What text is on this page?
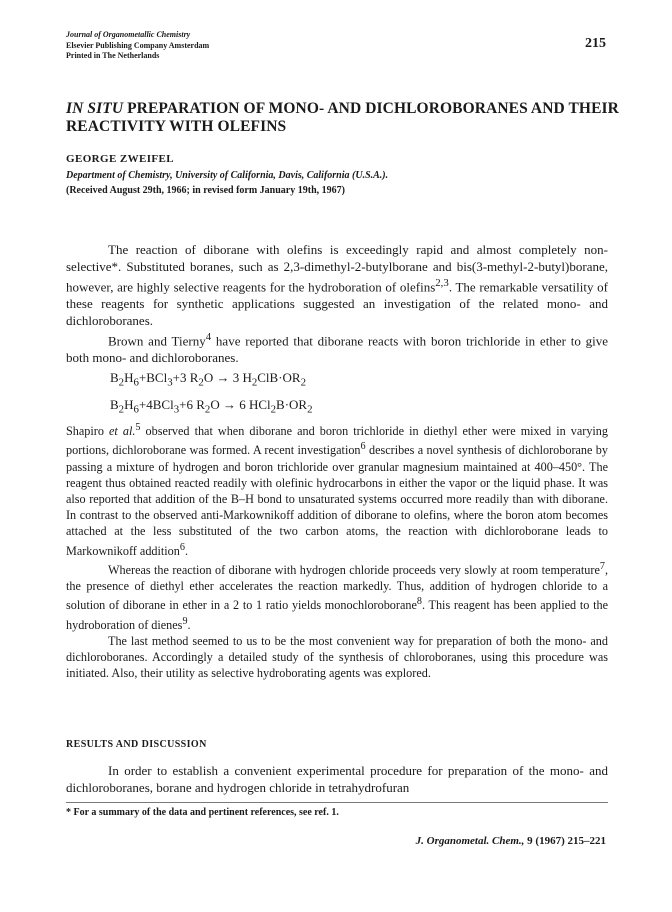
Journal of Organometallic Chemistry
Elsevier Publishing Company Amsterdam
Printed in The Netherlands
215
IN SITU PREPARATION OF MONO- AND DICHLOROBORANES AND THEIR REACTIVITY WITH OLEFINS
GEORGE ZWEIFEL
Department of Chemistry, University of California, Davis, California (U.S.A.).
(Received August 29th, 1966; in revised form January 19th, 1967)

The reaction of diborane with olefins is exceedingly rapid and almost completely non-selective*. Substituted boranes, such as 2,3-dimethyl-2-butylborane and bis(3-methyl-2-butyl)borane, however, are highly selective reagents for the hydroboration of olefins$^{2,3}$. The remarkable versatility of these reagents for synthetic applications suggested an investigation of the related mono- and dichloroboranes.

Brown and Tierny$^4$ have reported that diborane reacts with boron trichloride in ether to give both mono- and dichloroboranes.

$B_2H_6+BCl_3+3$ $R_2O \to 3$ $H_2ClB\cdot OR_2$
$B_2H_6+4BCl_3+6$ $R_2O \to 6$ $HCl_2B\cdot OR_2$

Shapiro et al.$^5$ observed that when diborane and boron trichloride in diethyl ether were mixed in varying portions, dichloroborane was formed. A recent investigation$^6$ describes a novel synthesis of dichloroborane by passing a mixture of hydrogen and boron trichloride over granular magnesium maintained at 400–450°. The reagent thus obtained reacted readily with olefinic hydrocarbons in either the vapor or the liquid phase. It was also reported that addition of the B–H bond to unsaturated systems occurred more readily than with diborane. In contrast to the observed anti-Markownikoff addition of diborane to olefins, where the boron atom becomes attached at the less substituted of the two carbon atoms, the reaction with dichloroborane leads to Markownikoff addition$^6$.

Whereas the reaction of diborane with hydrogen chloride proceeds very slowly at room temperature$^7$, the presence of diethyl ether accelerates the reaction markedly. Thus, addition of hydrogen chloride to a solution of diborane in ether in a 2 to 1 ratio yields monochloroborane$^8$. This reagent has been applied to the hydroboration of dienes$^9$.

The last method seemed to us to be the most convenient way for preparation of both the mono- and dichloroboranes. Accordingly a detailed study of the synthesis of chloroboranes, using this procedure was initiated. Also, their utility as selective hydroborating agents was explored.

RESULTS AND DISCUSSION

In order to establish a convenient experimental procedure for preparation of the mono- and dichloroboranes, borane and hydrogen chloride in tetrahydrofuran

* For a summary of the data and pertinent references, see ref. 1.
J. Organometal. Chem., 9 (1967) 215–221
